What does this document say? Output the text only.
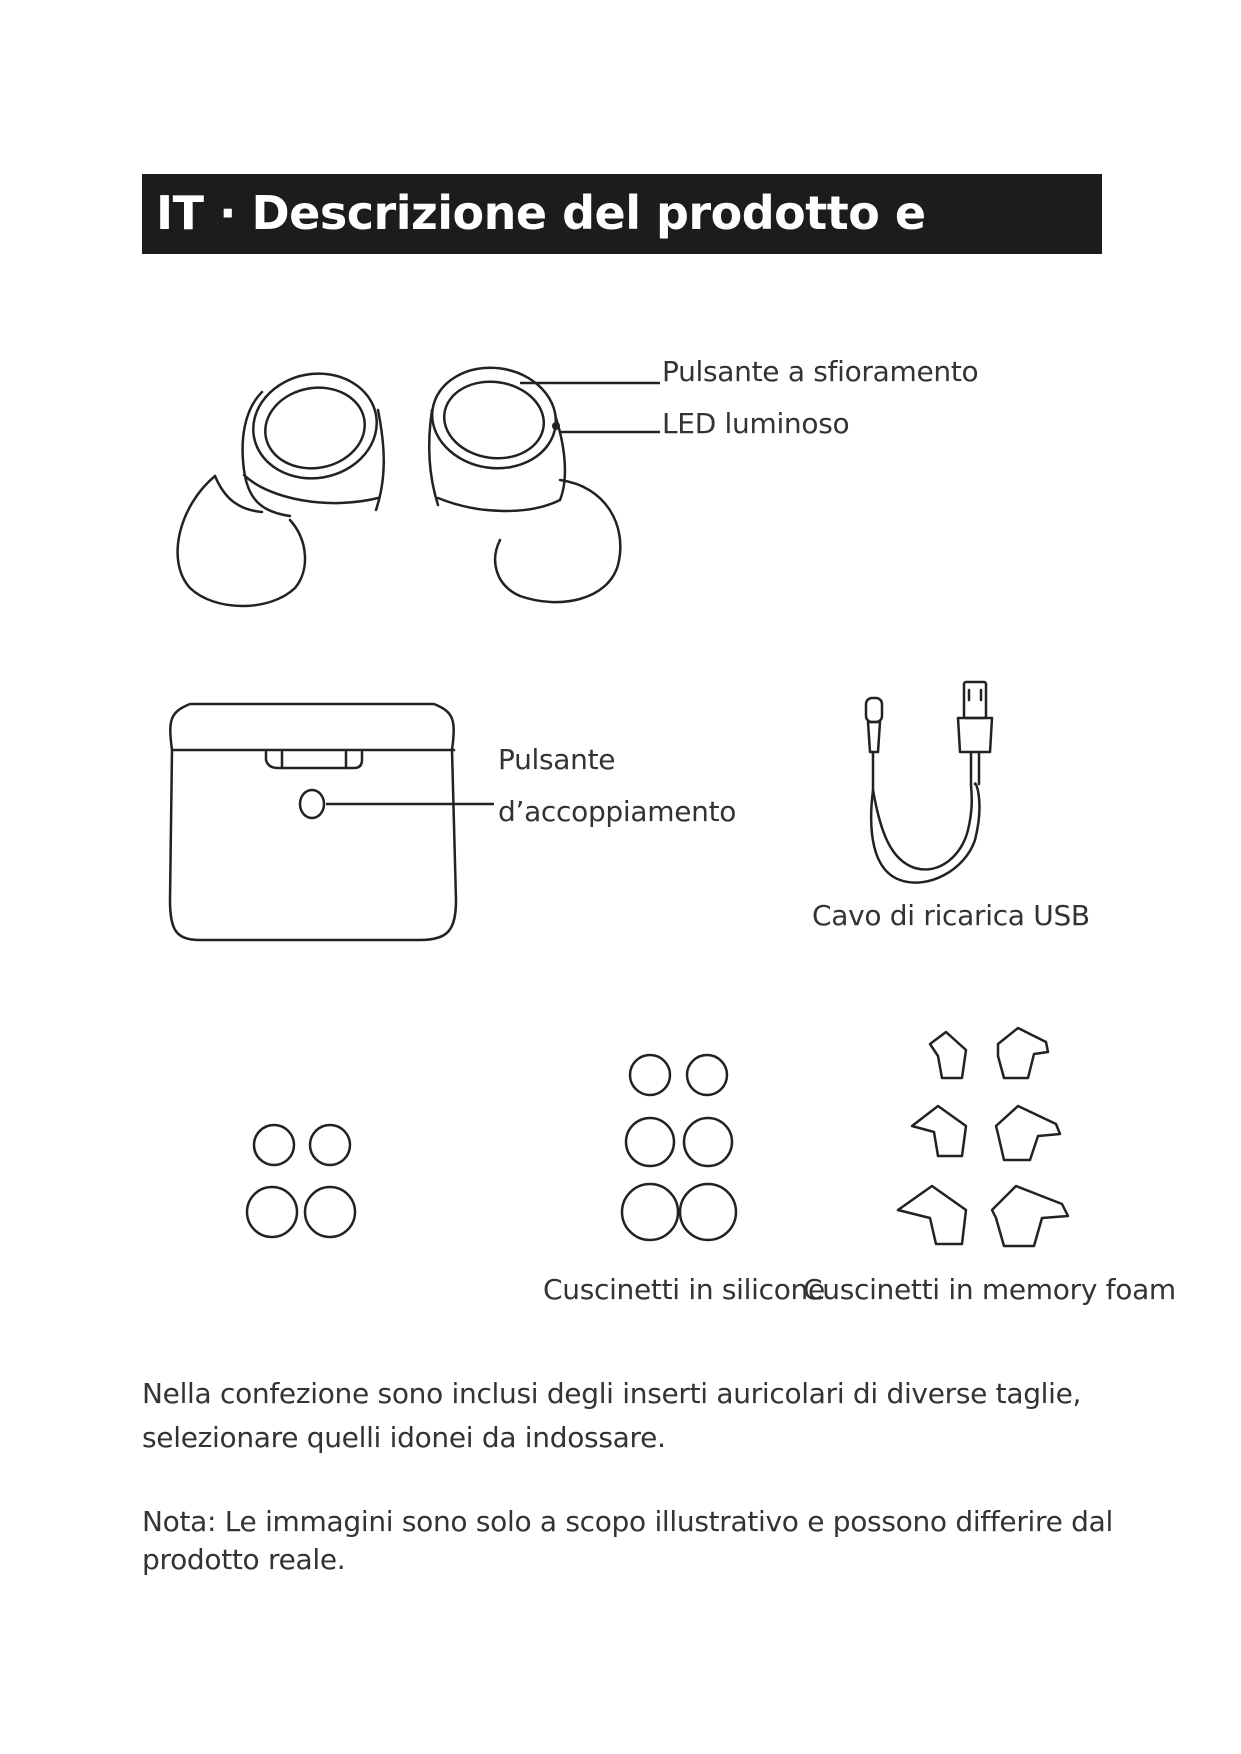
IT · Descrizione del prodotto e accessori
Pulsante a sfioramento
LED luminoso
Pulsante
d’accoppiamento
Cavo di ricarica USB
Cuscinetti in silicone
Cuscinetti in memory foam

Nella confezione sono inclusi degli inserti auricolari di diverse taglie,

selezionare quelli idonei da indossare.

Nota: Le immagini sono solo a scopo illustrativo e possono differire dal

prodotto reale.
